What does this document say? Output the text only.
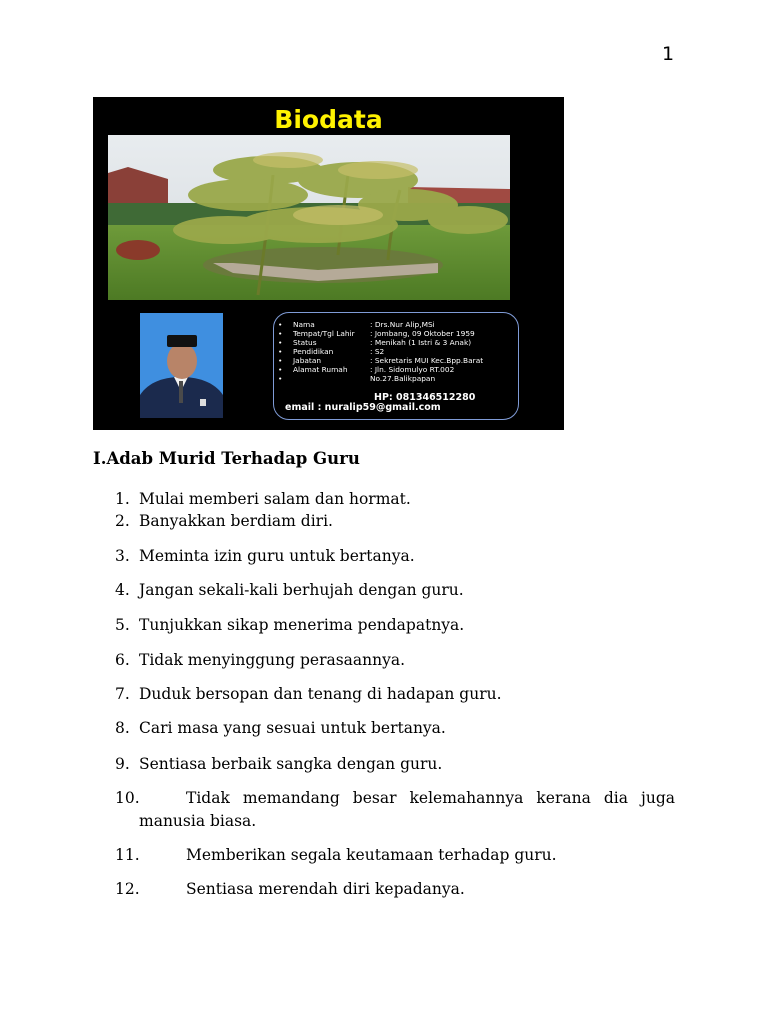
1
Biodata
• Nama	: Drs.Nur Alip,MSi
• Tempat/Tgl Lahir : Jombang, 09 Oktober 1959
• Status	: Menikah (1 Istri & 3 Anak)
• Pendidikan	: S2
• Jabatan	: Sekretaris MUI Kec.Bpp.Barat
• Alamat Rumah	: Jln. Sidomulyo RT.002
•	No.27.Balikpapan
HP: 081346512280
email : nuralip59@gmail.com
I.Adab Murid Terhadap Guru
1. Mulai memberi salam dan hormat.
2. Banyakkan berdiam diri.
3. Meminta izin guru untuk bertanya.
4. Jangan sekali-kali berhujah dengan guru.
5. Tunjukkan sikap menerima pendapatnya.
6. Tidak menyinggung perasaannya.
7. Duduk bersopan dan tenang di hadapan guru.
8. Cari masa yang sesuai untuk bertanya.
9. Sentiasa berbaik sangka dengan guru.
10.	Tidak memandang besar kelemahannya kerana dia juga
manusia biasa.
11.	Memberikan segala keutamaan terhadap guru.
12.	Sentiasa merendah diri kepadanya.
